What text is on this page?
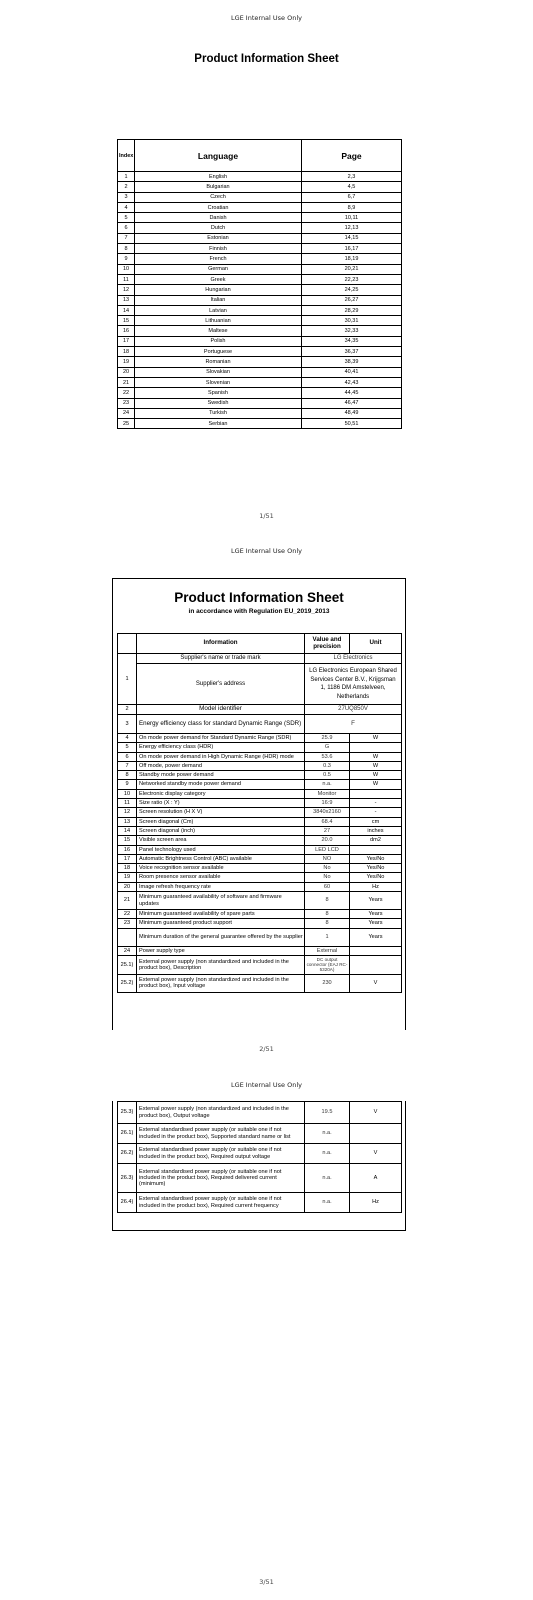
LGE Internal Use Only
Product Information Sheet
Index	Language	Page
1	English	2,3
2	Bulgarian	4,5
3	Czech	6,7
4	Croatian	8,9
5	Danish	10,11
6	Dutch	12,13
7	Estonian	14,15
8	Finnish	16,17
9	French	18,19
10	German	20,21
11	Greek	22,23
12	Hungarian	24,25
13	Italian	26,27
14	Latvian	28,29
15	Lithuanian	30,31
16	Maltese	32,33
17	Polish	34,35
18	Portuguese	36,37
19	Romanian	38,39
20	Slovakian	40,41
21	Slovenian	42,43
22	Spanish	44,45
23	Swedish	46,47
24	Turkish	48,49
25	Serbian	50,51
1/51
LGE Internal Use Only
Product Information Sheet
in accordance with Regulation EU_2019_2013
	Information	Value and precision	Unit
1	Supplier's name or trade mark	LG Electronics	
	Supplier's address	LG Electronics European Shared Services Center B.V., Krijgsman 1, 1186 DM Amstelveen, Netherlands	
2	Model identifier	27UQ850V	
3	Energy efficiency class for standard Dynamic Range (SDR)	F	
4	On mode power demand for Standard Dynamic Range (SDR)	25.9	W
5	Energy efficiency class (HDR)	G	
6	On mode power demand in High Dynamic Range (HDR) mode	53.6	W
7	Off mode, power demand	0.3	W
8	Standby mode power demand	0.5	W
9	Networked standby mode power demand	n.a.	W
10	Electronic display category	Monitor	
11	Size ratio (X : Y)	16:9	-
12	Screen resolution (H X V)	3840x2160	-
13	Screen diagonal (Cm)	68.4	cm
14	Screen diagonal (inch)	27	inches
15	Visible screen area	20.0	dm2
16	Panel technology used	LED LCD	
17	Automatic Brightness Control (ABC) available	NO	Yes/No
18	Voice recognition sensor available	No	Yes/No
19	Room presence sensor available	No	Yes/No
20	Image refresh frequency rate	60	Hz
21	Minimum guaranteed availability of software and firmware updates	8	Years
22	Minimum guaranteed availability of spare parts	8	Years
23	Minimum guaranteed product support	8	Years
	Minimum duration of the general guarantee offered by the supplier	1	Years
24	Power supply type	External	
25.1)	External power supply (non standardized and included in the product box), Description	DC output connector (EAJ RC-5320A)	
25.2)	External power supply (non standardized and included in the product box), Input voltage	230	V
2/51
LGE Internal Use Only
25.3)	External power supply (non standardized and included in the product box), Output voltage	19.5	V
26.1)	External standardised power supply (or suitable one if not included in the product box), Supported standard name or list	n.a.	
26.2)	External standardised power supply (or suitable one if not included in the product box), Required output voltage	n.a.	V
26.3)	External standardised power supply (or suitable one if not included in the product box), Required delivered current (minimum)	n.a.	A
26.4)	External standardised power supply (or suitable one if not included in the product box), Required current frequency	n.a.	Hz
3/51
